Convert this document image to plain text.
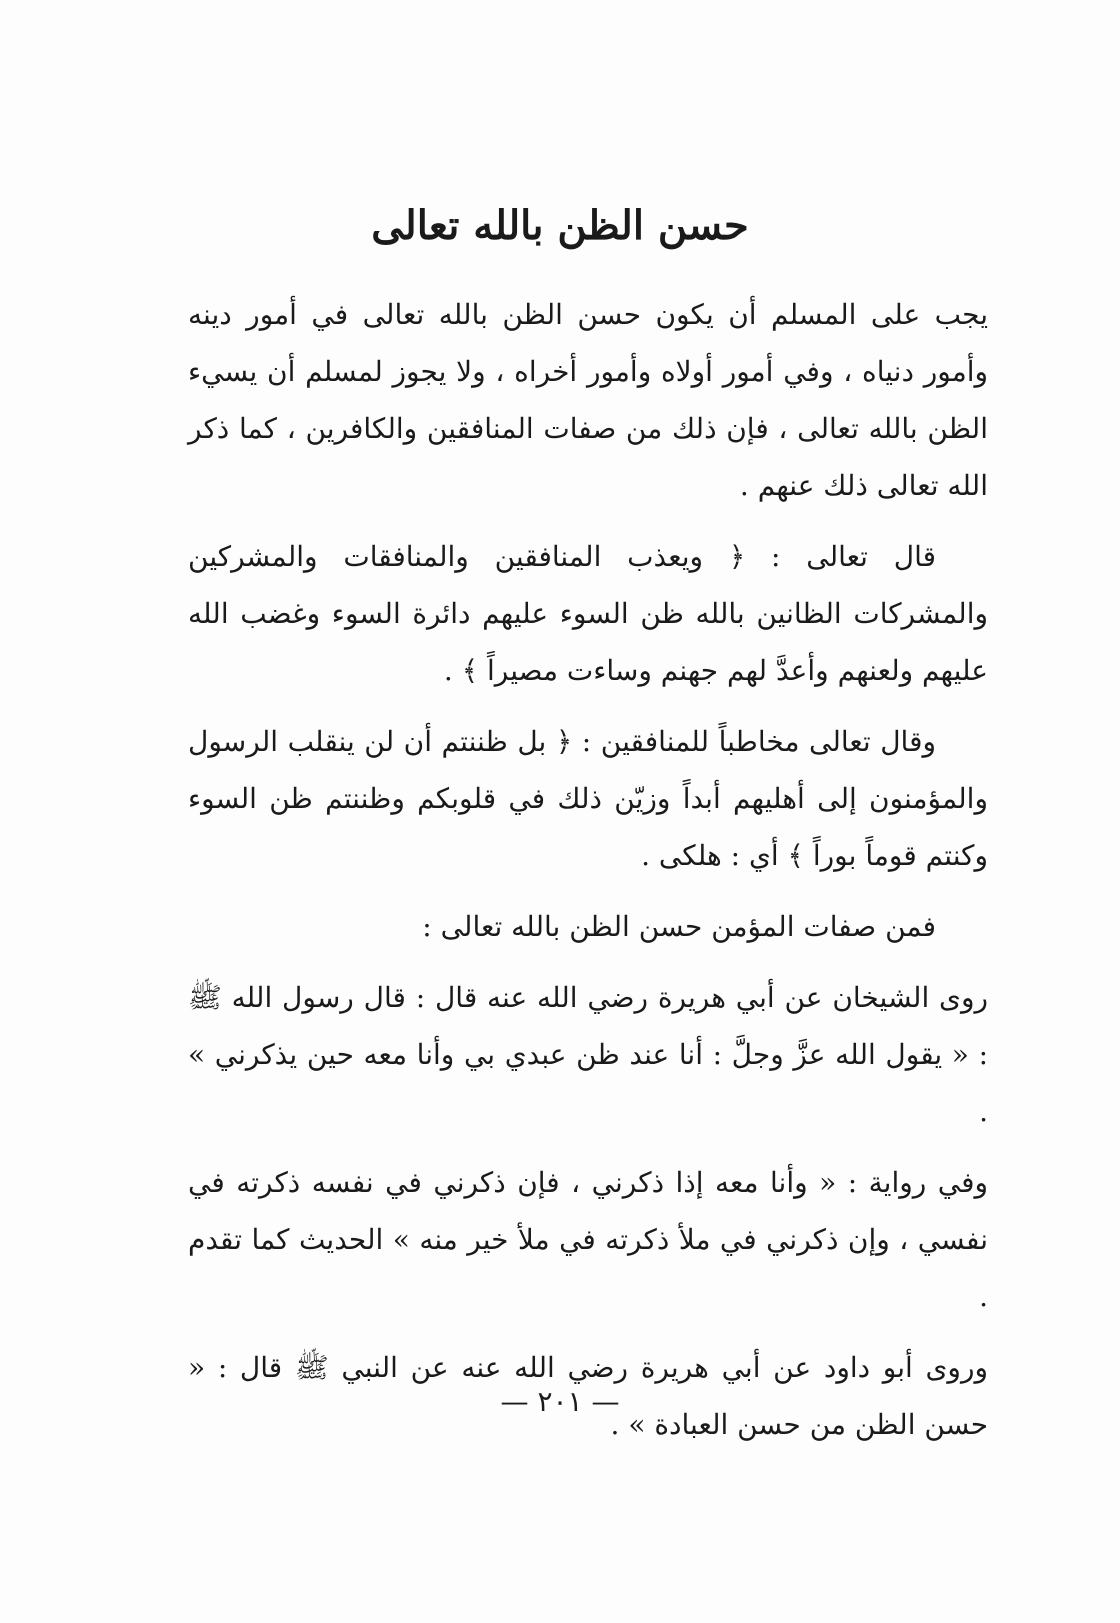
حسن الظن بالله تعالى

يجب على المسلم أن يكون حسن الظن بالله تعالى في أمور دينه وأمور دنياه ، وفي أمور أولاه وأمور أخراه ، ولا يجوز لمسلم أن يسيء الظن بالله تعالى ، فإن ذلك من صفات المنافقين والكافرين ، كما ذكر الله تعالى ذلك عنهم .

قال تعالى : ﴿ ويعذب المنافقين والمنافقات والمشركين والمشركات الظانين بالله ظن السوء عليهم دائرة السوء وغضب الله عليهم ولعنهم وأعدَّ لهم جهنم وساءت مصيراً ﴾ .

وقال تعالى مخاطباً للمنافقين : ﴿ بل ظننتم أن لن ينقلب الرسول والمؤمنون إلى أهليهم أبداً وزيّن ذلك في قلوبكم وظننتم ظن السوء وكنتم قوماً بوراً ﴾ أي : هلكى .

فمن صفات المؤمن حسن الظن بالله تعالى :

روى الشيخان عن أبي هريرة رضي الله عنه قال : قال رسول الله ﷺ : « يقول الله عزَّ وجلَّ : أنا عند ظن عبدي بي وأنا معه حين يذكرني » .

وفي رواية : « وأنا معه إذا ذكرني ، فإن ذكرني في نفسه ذكرته في نفسي ، وإن ذكرني في ملأ ذكرته في ملأ خير منه » الحديث كما تقدم .

وروى أبو داود عن أبي هريرة رضي الله عنه عن النبي ﷺ قال : « حسن الظن من حسن العبادة » .

— ٢٠١ —
